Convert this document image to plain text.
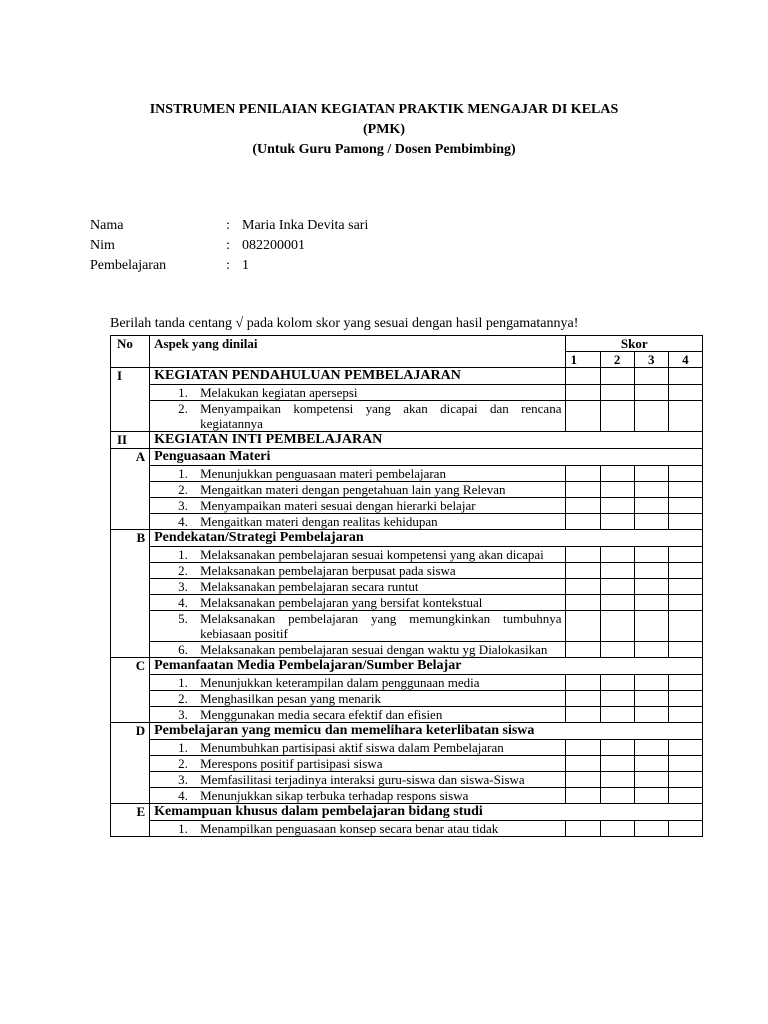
INSTRUMEN PENILAIAN KEGIATAN PRAKTIK MENGAJAR DI KELAS
(PMK)
(Untuk Guru Pamong / Dosen Pembimbing)
Nama	: Maria Inka Devita sari
Nim	: 082200001
Pembelajaran	: 1
Berilah tanda centang √ pada kolom skor yang sesuai dengan hasil pengamatannya!
No	Aspek yang dinilai	Skor			
		1	2	3	4
I	KEGIATAN PENDAHULUAN PEMBELAJARAN				

	1. Melakukan kegiatan apersepsi				

	2. Menyampaikan kompetensi yang akan dicapai dan rencana kegiatannya				

II	KEGIATAN INTI PEMBELAJARAN				
A	Penguasaan Materi				

	1. Menunjukkan penguasaan materi pembelajaran				

	2. Mengaitkan materi dengan pengetahuan lain yang Relevan				

	3. Menyampaikan materi sesuai dengan hierarki belajar				

	4. Mengaitkan materi dengan realitas kehidupan				

B	Pendekatan/Strategi Pembelajaran				

	1. Melaksanakan pembelajaran sesuai kompetensi yang akan dicapai				

	2. Melaksanakan pembelajaran berpusat pada siswa				

	3. Melaksanakan pembelajaran secara runtut				

	4. Melaksanakan pembelajaran yang bersifat kontekstual				

	5. Melaksanakan pembelajaran yang memungkinkan tumbuhnya kebiasaan positif				

	6. Melaksanakan pembelajaran sesuai dengan waktu yg Dialokasikan				

C	Pemanfaatan Media Pembelajaran/Sumber Belajar				

	1. Menunjukkan keterampilan dalam penggunaan media				

	2. Menghasilkan pesan yang menarik				

	3. Menggunakan media secara efektif dan efisien				

D	Pembelajaran yang memicu dan memelihara keterlibatan siswa				

	1. Menumbuhkan partisipasi aktif siswa dalam Pembelajaran				

	2. Merespons positif partisipasi siswa				

	3. Memfasilitasi terjadinya interaksi guru-siswa dan siswa-Siswa				

	4. Menunjukkan sikap terbuka terhadap respons siswa				

E	Kemampuan khusus dalam pembelajaran bidang studi				

	1. Menampilkan penguasaan konsep secara benar atau tidak				
